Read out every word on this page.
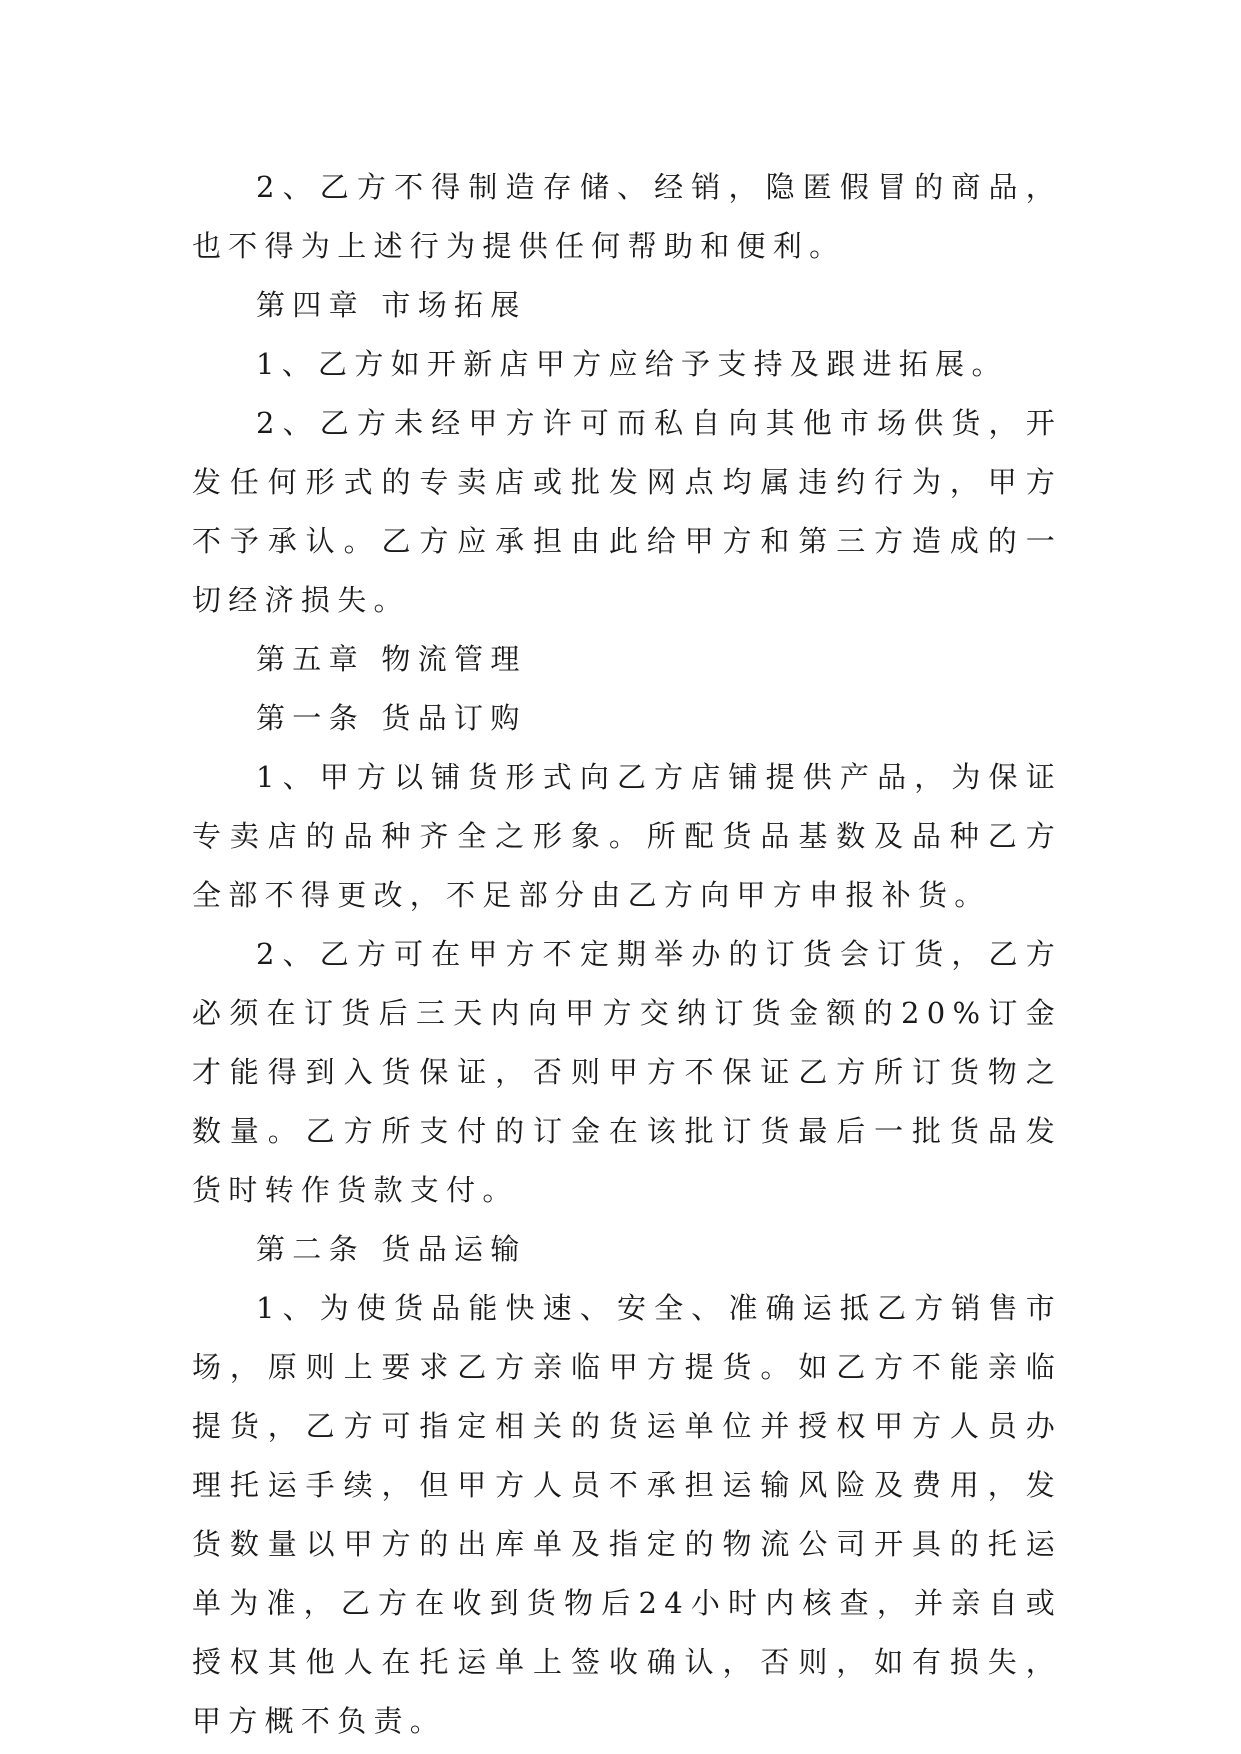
2、乙方不得制造存储、经销，隐匿假冒的商品，也不得为上述行为提供任何帮助和便利。

第四章 市场拓展

1、乙方如开新店甲方应给予支持及跟进拓展。

2、乙方未经甲方许可而私自向其他市场供货，开发任何形式的专卖店或批发网点均属违约行为，甲方不予承认。乙方应承担由此给甲方和第三方造成的一切经济损失。

第五章 物流管理

第一条 货品订购

1、甲方以铺货形式向乙方店铺提供产品，为保证专卖店的品种齐全之形象。所配货品基数及品种乙方全部不得更改，不足部分由乙方向甲方申报补货。

2、乙方可在甲方不定期举办的订货会订货，乙方必须在订货后三天内向甲方交纳订货金额的20%订金才能得到入货保证，否则甲方不保证乙方所订货物之数量。乙方所支付的订金在该批订货最后一批货品发货时转作货款支付。

第二条 货品运输

1、为使货品能快速、安全、准确运抵乙方销售市场，原则上要求乙方亲临甲方提货。如乙方不能亲临提货，乙方可指定相关的货运单位并授权甲方人员办理托运手续，但甲方人员不承担运输风险及费用，发货数量以甲方的出库单及指定的物流公司开具的托运单为准，乙方在收到货物后24小时内核查，并亲自或授权其他人在托运单上签收确认，否则，如有损失，甲方概不负责。
